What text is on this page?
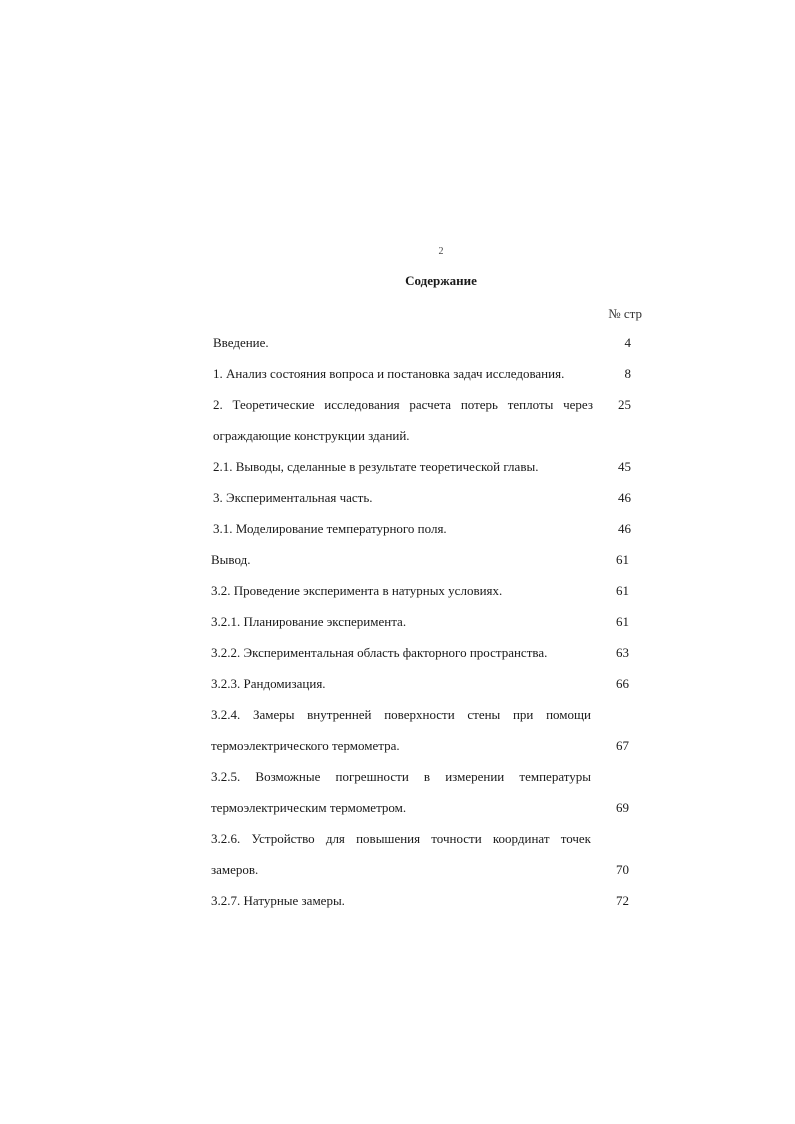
2
Содержание
№ стр
Введение.	4
1. Анализ состояния вопроса и постановка задач исследования.	8
2. Теоретические исследования расчета потерь теплоты через	25
ограждающие конструкции зданий.
2.1. Выводы, сделанные в результате теоретической главы.	45
3. Экспериментальная часть.	46
3.1. Моделирование температурного поля.	46
Вывод.	61
3.2. Проведение эксперимента в натурных условиях.	61
3.2.1. Планирование эксперимента.	61
3.2.2. Экспериментальная область факторного пространства.	63
3.2.3. Рандомизация.	66
3.2.4. Замеры внутренней поверхности стены при помощи
термоэлектрического термометра.	67
3.2.5. Возможные погрешности в измерении температуры
термоэлектрическим термометром.	69
3.2.6. Устройство для повышения точности координат точек
замеров.	70
3.2.7. Натурные замеры.	72
